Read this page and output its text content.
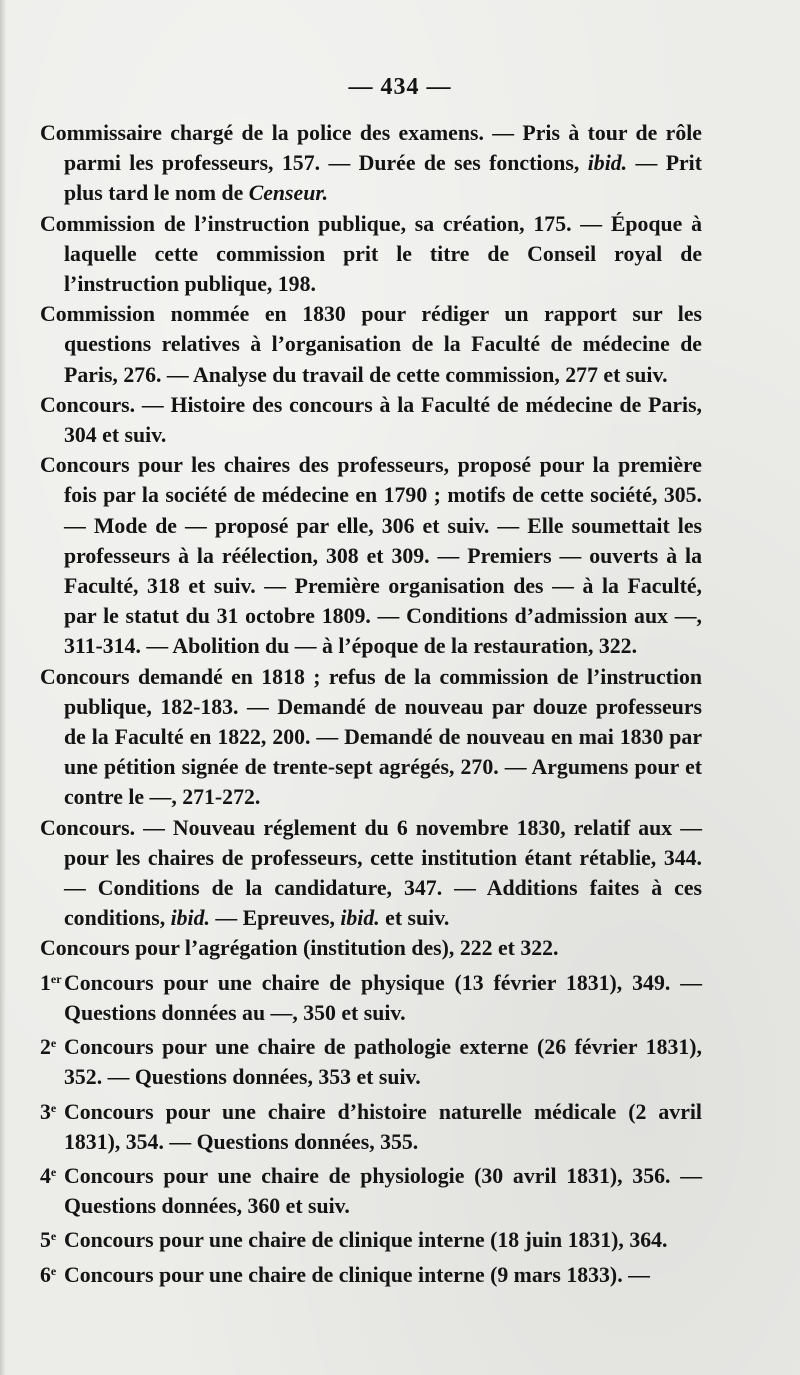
— 434 —

Commissaire chargé de la police des examens. — Pris à tour de rôle parmi les professeurs, 157. — Durée de ses fonctions, ibid. — Prit plus tard le nom de Censeur.

Commission de l’instruction publique, sa création, 175. — Époque à laquelle cette commission prit le titre de Conseil royal de l’instruction publique, 198.

Commission nommée en 1830 pour rédiger un rapport sur les questions relatives à l’organisation de la Faculté de médecine de Paris, 276. — Analyse du travail de cette commission, 277 et suiv.

Concours. — Histoire des concours à la Faculté de médecine de Paris, 304 et suiv.

Concours pour les chaires des professeurs, proposé pour la première fois par la société de médecine en 1790 ; motifs de cette société, 305. — Mode de — proposé par elle, 306 et suiv. — Elle soumettait les professeurs à la réélection, 308 et 309. — Premiers — ouverts à la Faculté, 318 et suiv. — Première organisation des — à la Faculté, par le statut du 31 octobre 1809. — Conditions d’admission aux —, 311-314. — Abolition du — à l’époque de la restauration, 322.

Concours demandé en 1818 ; refus de la commission de l’instruction publique, 182-183. — Demandé de nouveau par douze professeurs de la Faculté en 1822, 200. — Demandé de nouveau en mai 1830 par une pétition signée de trente-sept agrégés, 270. — Argumens pour et contre le —, 271-272.

Concours. — Nouveau réglement du 6 novembre 1830, relatif aux — pour les chaires de professeurs, cette institution étant rétablie, 344. — Conditions de la candidature, 347. — Additions faites à ces conditions, ibid. — Epreuves, ibid. et suiv.

Concours pour l’agrégation (institution des), 222 et 322.

1er Concours pour une chaire de physique (13 février 1831), 349. — Questions données au —, 350 et suiv.

2e Concours pour une chaire de pathologie externe (26 février 1831), 352. — Questions données, 353 et suiv.

3e Concours pour une chaire d’histoire naturelle médicale (2 avril 1831), 354. — Questions données, 355.

4e Concours pour une chaire de physiologie (30 avril 1831), 356. — Questions données, 360 et suiv.

5e Concours pour une chaire de clinique interne (18 juin 1831), 364.

6e Concours pour une chaire de clinique interne (9 mars 1833). —
